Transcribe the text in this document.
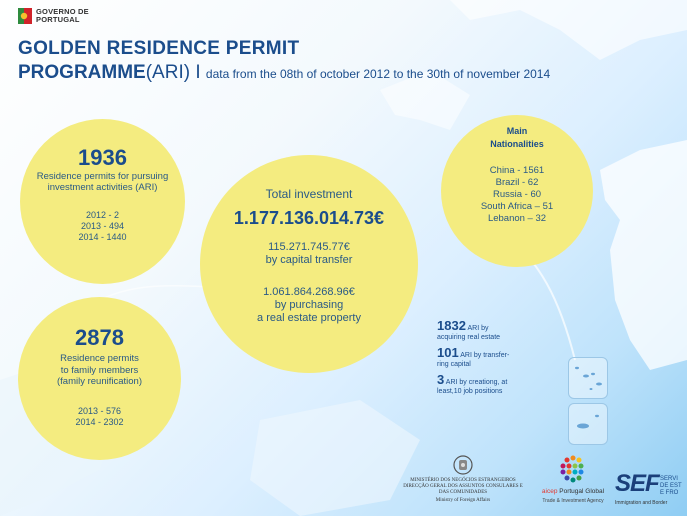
GOVERNO DE
PORTUGAL
GOLDEN RESIDENCE PERMIT
PROGRAMME(ARI) I data from the 08th of october 2012 to the 30th of november 2014
1936
Residence permits for pursuing
investment activities (ARI)
2012 - 2
2013 - 494
2014 - 1440
Total investment
1.177.136.014.73€
115.271.745.77€
by capital transfer
1.061.864.268.96€
by purchasing
a real estate property
Main
Nationalities
China - 1561
Brazil - 62
Russia - 60
South Africa – 51
Lebanon – 32
2878
Residence permits
to family members
(family reunification)
2013 - 576
2014 - 2302
1832 ARI by
acquiring real estate
101 ARI by transfer-
ring capital
3 ARI by creationg, at
least,10 job positions
MINISTÉRIO DOS NEGÓCIOS ESTRANGEIROS
DIRECÇÃO GERAL DOS ASSUNTOS CONSULARES E
DAS COMUNIDADES
Ministry of Foreign Affairs
aicep Portugal Global
Trade & Investment Agency
SEF SERVI
DE EST
E FRO
Immigration and Border
